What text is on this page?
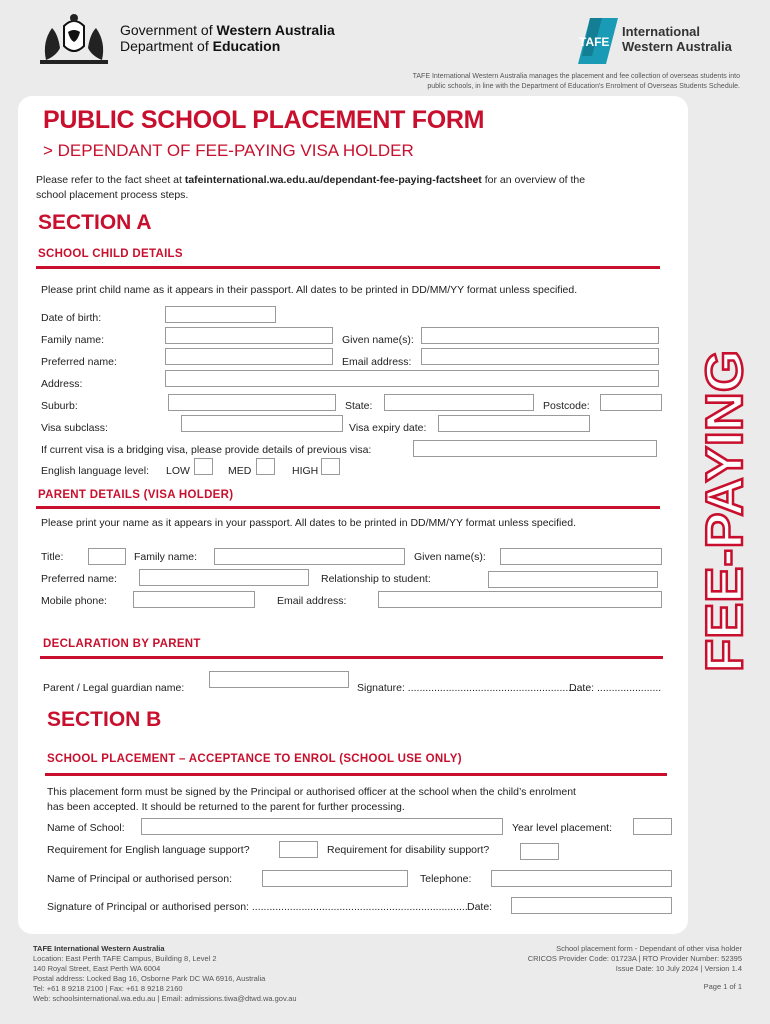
Government of Western Australia
Department of Education	TAFE
International
Western Australia
TAFE International Western Australia manages the placement and fee collection of overseas students into
public schools, in line with the Department of Education's Enrolment of Overseas Students Schedule.
PUBLIC SCHOOL PLACEMENT FORM
> DEPENDANT OF FEE-PAYING VISA HOLDER
Please refer to the fact sheet at tafeinternational.wa.edu.au/dependant-fee-paying-factsheet for an overview of the
school placement process steps.
SECTION A
SCHOOL CHILD DETAILS
Please print child name as it appears in their passport. All dates to be printed in DD/MM/YY format unless specified.
Date of birth:
Family name:	Given name(s):
Preferred name:	Email address:
Address:
Suburb:	State:	Postcode:
Visa subclass:	Visa expiry date:
If current visa is a bridging visa, please provide details of previous visa:
English language level: LOW	MED	HIGH
PARENT DETAILS (VISA HOLDER)
Please print your name as it appears in your passport. All dates to be printed in DD/MM/YY format unless specified.
Title:	Family name:	Given name(s):
Preferred name:	Relationship to student:
Mobile phone:	Email address:
DECLARATION BY PARENT
Parent / Legal guardian name:	Signature: ..............................................................
Date: ......................
SECTION B
SCHOOL PLACEMENT – ACCEPTANCE TO ENROL (SCHOOL USE ONLY)
This placement form must be signed by the Principal or authorised officer at the school when the child’s enrolment
has been accepted. It should be returned to the parent for further processing.
Name of School:	Year level placement:
Requirement for English language support?	Requirement for disability support?
Name of Principal or authorised person:	Telephone:
Signature of Principal or authorised person: .......................................................................... Date:
FEE-PAYING
TAFE International Western Australia
Location: East Perth TAFE Campus, Building 8, Level 2
140 Royal Street, East Perth WA 6004
Postal address: Locked Bag 16, Osborne Park DC WA 6916, Australia
Tel: +61 8 9218 2100 | Fax: +61 8 9218 2160
Web: schoolsinternational.wa.edu.au | Email: admissions.tiwa@dtwd.wa.gov.au
School placement form - Dependant of other visa holder
CRICOS Provider Code: 01723A | RTO Provider Number: 52395
Issue Date: 10 July 2024 | Version 1.4
Page 1 of 1
